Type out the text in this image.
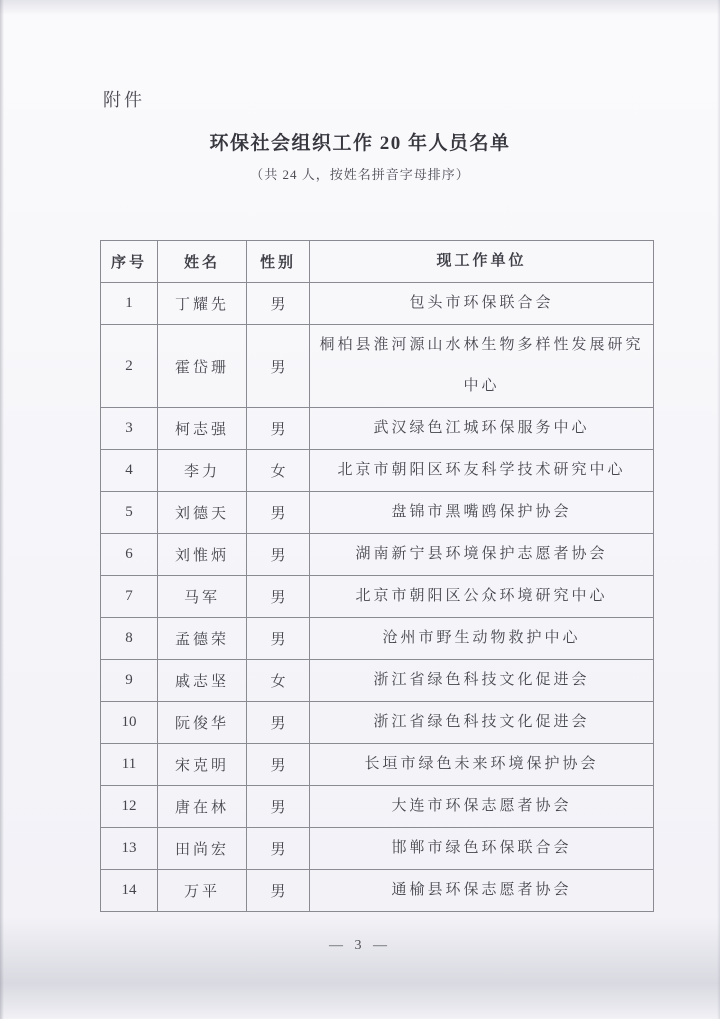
附件
环保社会组织工作 20 年人员名单
（共 24 人，按姓名拼音字母排序）
序号	姓名	性别	现工作单位
1	丁耀先	男	包头市环保联合会
2	霍岱珊	男	桐柏县淮河源山水林生物多样性发展研究中心
3	柯志强	男	武汉绿色江城环保服务中心
4	李力	女	北京市朝阳区环友科学技术研究中心
5	刘德天	男	盘锦市黑嘴鸥保护协会
6	刘惟炳	男	湖南新宁县环境保护志愿者协会
7	马军	男	北京市朝阳区公众环境研究中心
8	孟德荣	男	沧州市野生动物救护中心
9	戚志坚	女	浙江省绿色科技文化促进会
10	阮俊华	男	浙江省绿色科技文化促进会
11	宋克明	男	长垣市绿色未来环境保护协会
12	唐在林	男	大连市环保志愿者协会
13	田尚宏	男	邯郸市绿色环保联合会
14	万平	男	通榆县环保志愿者协会
— 3 —
